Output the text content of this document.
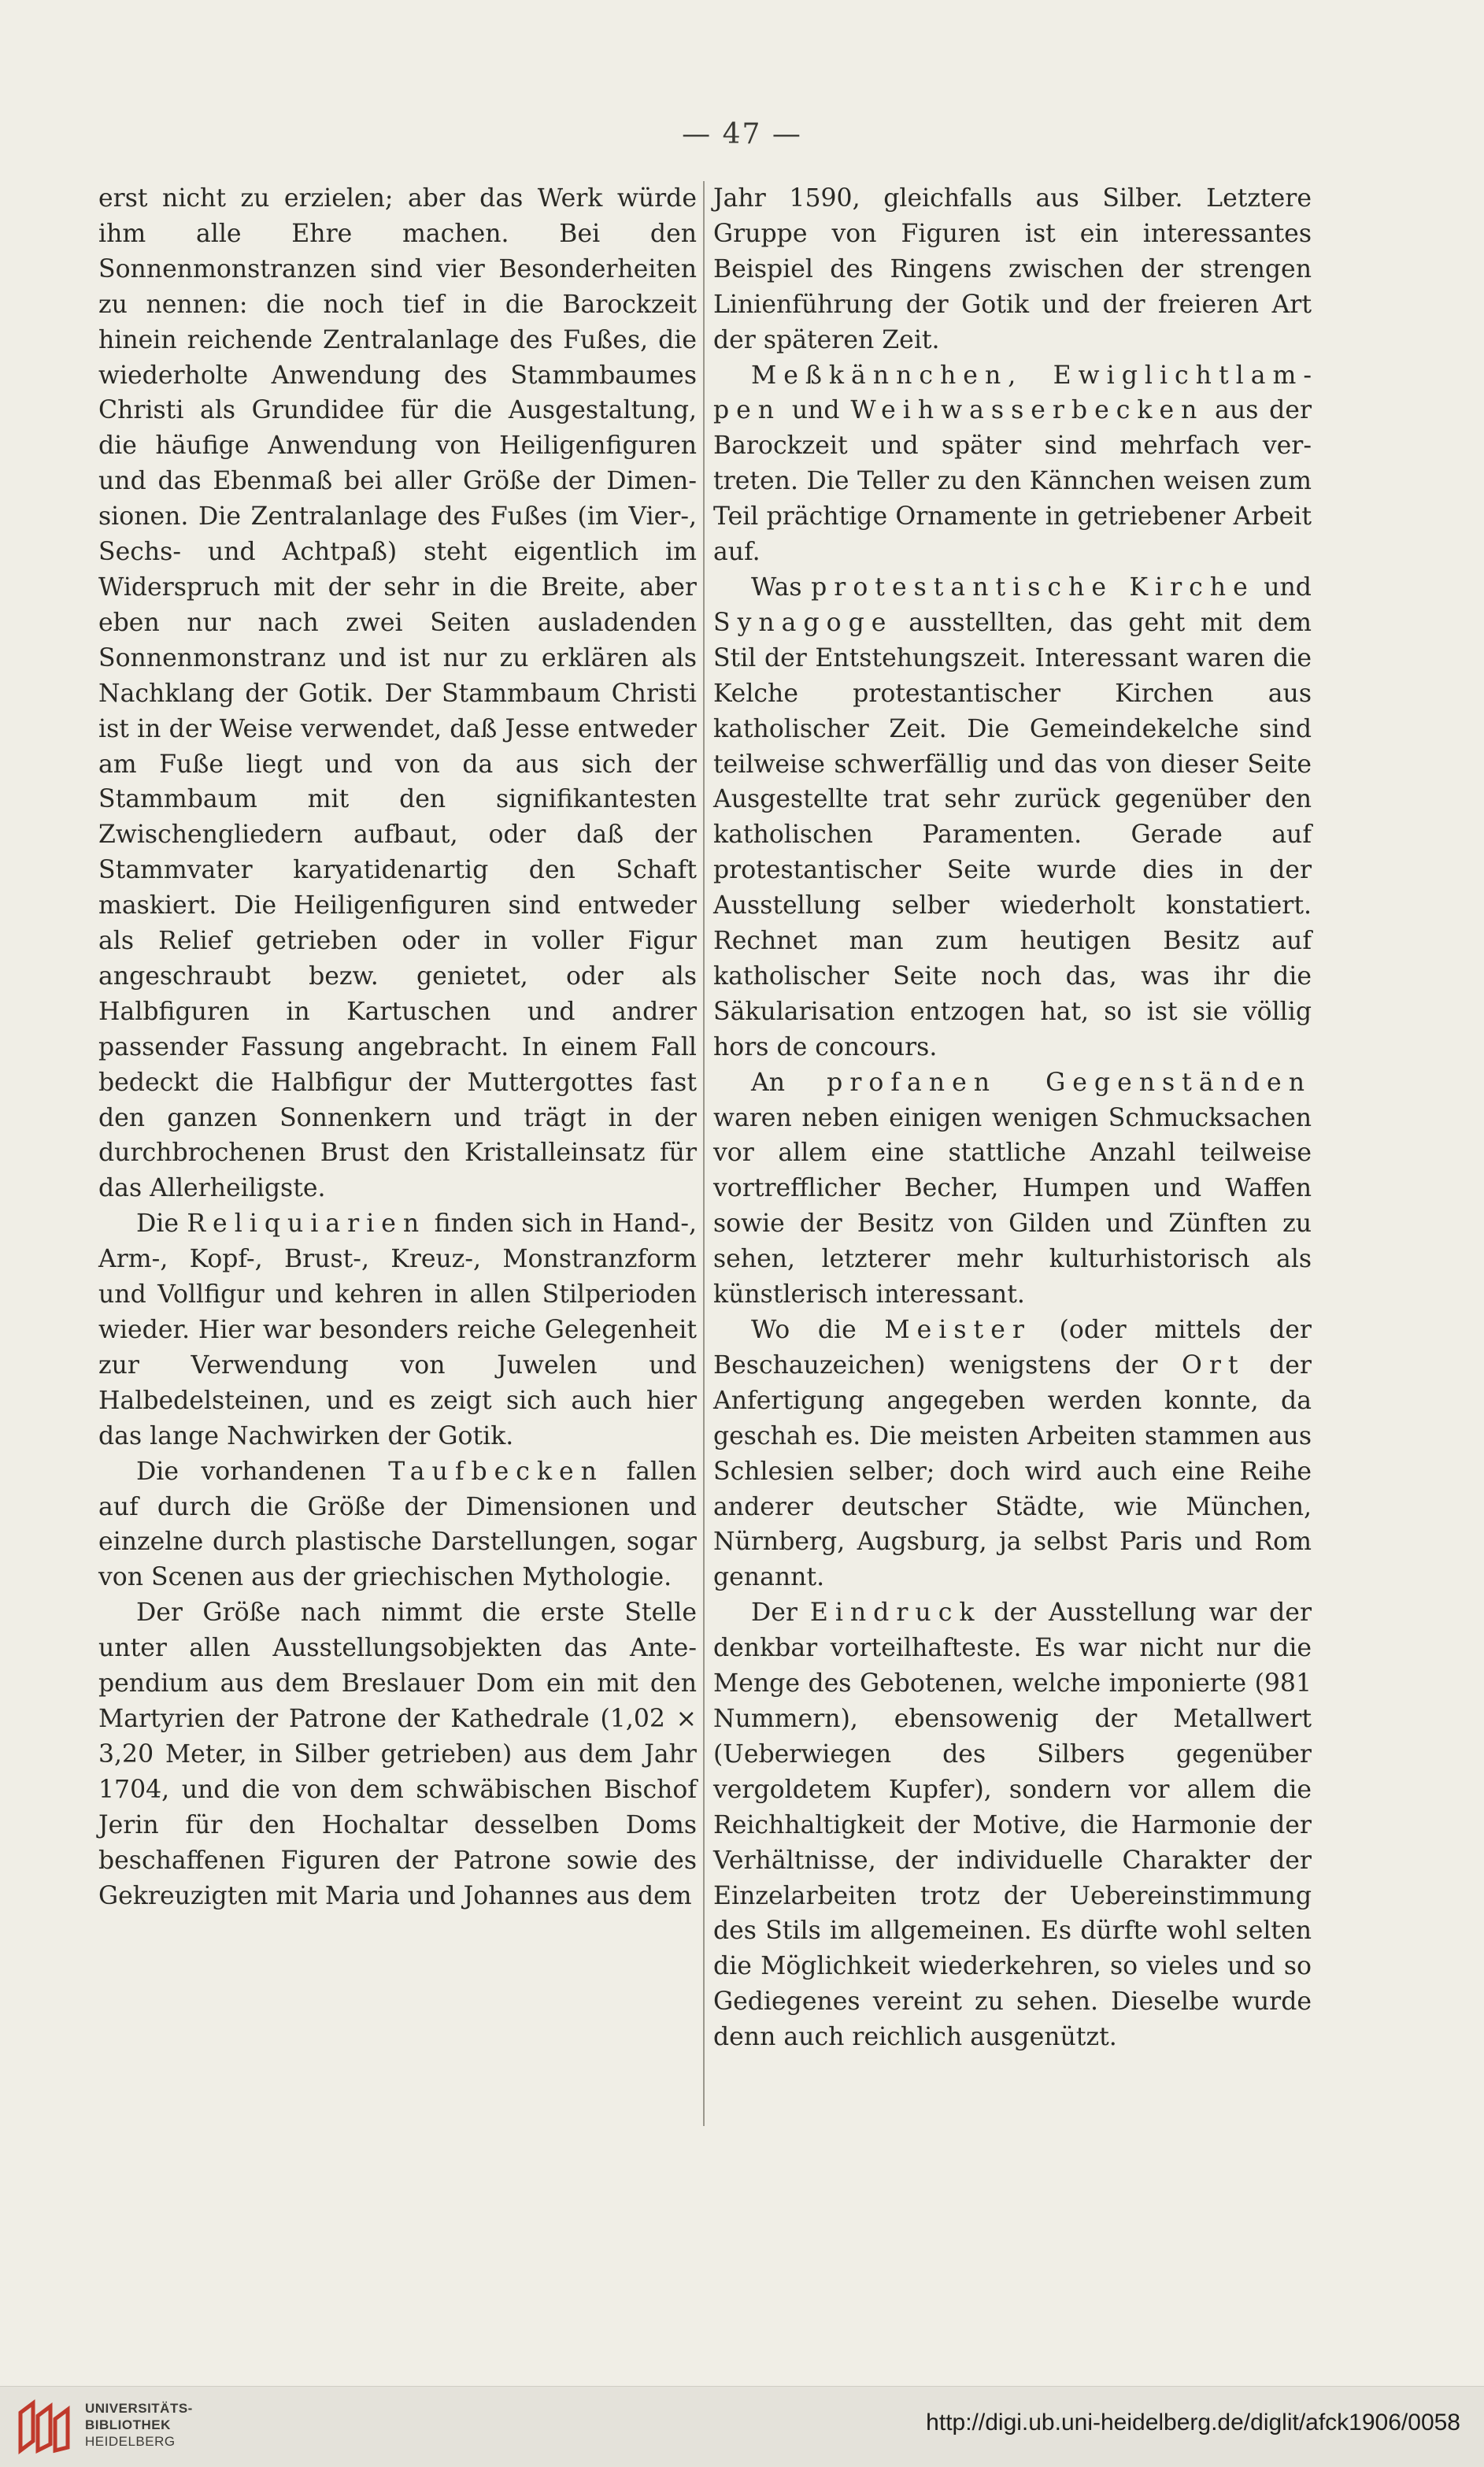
— 47 —

erst nicht zu erzielen; aber das Werk würde ihm alle Ehre machen. Bei den Sonnenmonstranzen sind vier Besonderheiten zu nennen: die noch tief in die Barockzeit hinein reichende Zentralanlage des Fußes, die wiederholte Anwendung des Stammbaumes Christi als Grundidee für die Ausgestaltung, die häufige Anwendung von Heiligenfiguren und das Ebenmaß bei aller Größe der Dimensionen. Die Zentralanlage des Fußes (im Vier-, Sechs- und Achtpaß) steht eigentlich im Widerspruch mit der sehr in die Breite, aber eben nur nach zwei Seiten ausladenden Sonnenmonstranz und ist nur zu erklären als Nachklang der Gotik. Der Stammbaum Christi ist in der Weise verwendet, daß Jesse entweder am Fuße liegt und von da aus sich der Stammbaum mit den signifikantesten Zwischengliedern aufbaut, oder daß der Stammvater karyatidenartig den Schaft maskiert. Die Heiligenfiguren sind entweder als Relief getrieben oder in voller Figur angeschraubt bezw. genietet, oder als Halbfiguren in Kartuschen und andrer passender Fassung angebracht. In einem Fall bedeckt die Halbfigur der Muttergottes fast den ganzen Sonnenkern und trägt in der durchbrochenen Brust den Kristalleinsatz für das Allerheiligste.

Die Reliquiarien finden sich in Hand-, Arm-, Kopf-, Brust-, Kreuz-, Monstranzform und Vollfigur und kehren in allen Stilperioden wieder. Hier war besonders reiche Gelegenheit zur Verwendung von Juwelen und Halbedelsteinen, und es zeigt sich auch hier das lange Nachwirken der Gotik.

Die vorhandenen Taufbecken fallen auf durch die Größe der Dimensionen und einzelne durch plastische Darstellungen, sogar von Scenen aus der griechischen Mythologie.

Der Größe nach nimmt die erste Stelle unter allen Ausstellungsobjekten das Antependium aus dem Breslauer Dom ein mit den Martyrien der Patrone der Kathedrale (1,02 × 3,20 Meter, in Silber getrieben) aus dem Jahr 1704, und die von dem schwäbischen Bischof Jerin für den Hochaltar desselben Doms beschaffenen Figuren der Patrone sowie des Gekreuzigten mit Maria und Johannes aus dem

Jahr 1590, gleichfalls aus Silber. Letztere Gruppe von Figuren ist ein interessantes Beispiel des Ringens zwischen der strengen Linienführung der Gotik und der freieren Art der späteren Zeit.

Meßkännchen, Ewiglichtlampen und Weihwasserbecken aus der Barockzeit und später sind mehrfach vertreten. Die Teller zu den Kännchen weisen zum Teil prächtige Ornamente in getriebener Arbeit auf.

Was protestantische Kirche und Synagoge ausstellten, das geht mit dem Stil der Entstehungszeit. Interessant waren die Kelche protestantischer Kirchen aus katholischer Zeit. Die Gemeindekelche sind teilweise schwerfällig und das von dieser Seite Ausgestellte trat sehr zurück gegenüber den katholischen Paramenten. Gerade auf protestantischer Seite wurde dies in der Ausstellung selber wiederholt konstatiert. Rechnet man zum heutigen Besitz auf katholischer Seite noch das, was ihr die Säkularisation entzogen hat, so ist sie völlig hors de concours.

An profanen Gegenständen waren neben einigen wenigen Schmucksachen vor allem eine stattliche Anzahl teilweise vortrefflicher Becher, Humpen und Waffen sowie der Besitz von Gilden und Zünften zu sehen, letzterer mehr kulturhistorisch als künstlerisch interessant.

Wo die Meister (oder mittels der Beschauzeichen) wenigstens der Ort der Anfertigung angegeben werden konnte, da geschah es. Die meisten Arbeiten stammen aus Schlesien selber; doch wird auch eine Reihe anderer deutscher Städte, wie München, Nürnberg, Augsburg, ja selbst Paris und Rom genannt.

Der Eindruck der Ausstellung war der denkbar vorteilhafteste. Es war nicht nur die Menge des Gebotenen, welche imponierte (981 Nummern), ebensowenig der Metallwert (Ueberwiegen des Silbers gegenüber vergoldetem Kupfer), sondern vor allem die Reichhaltigkeit der Motive, die Harmonie der Verhältnisse, der individuelle Charakter der Einzelarbeiten trotz der Uebereinstimmung des Stils im allgemeinen. Es dürfte wohl selten die Möglichkeit wiederkehren, so vieles und so Gediegenes vereint zu sehen. Dieselbe wurde denn auch reichlich ausgenützt.

UNIVERSITÄTS-
BIBLIOTHEK
HEIDELBERG
http://digi.ub.uni-heidelberg.de/diglit/afck1906/0058
